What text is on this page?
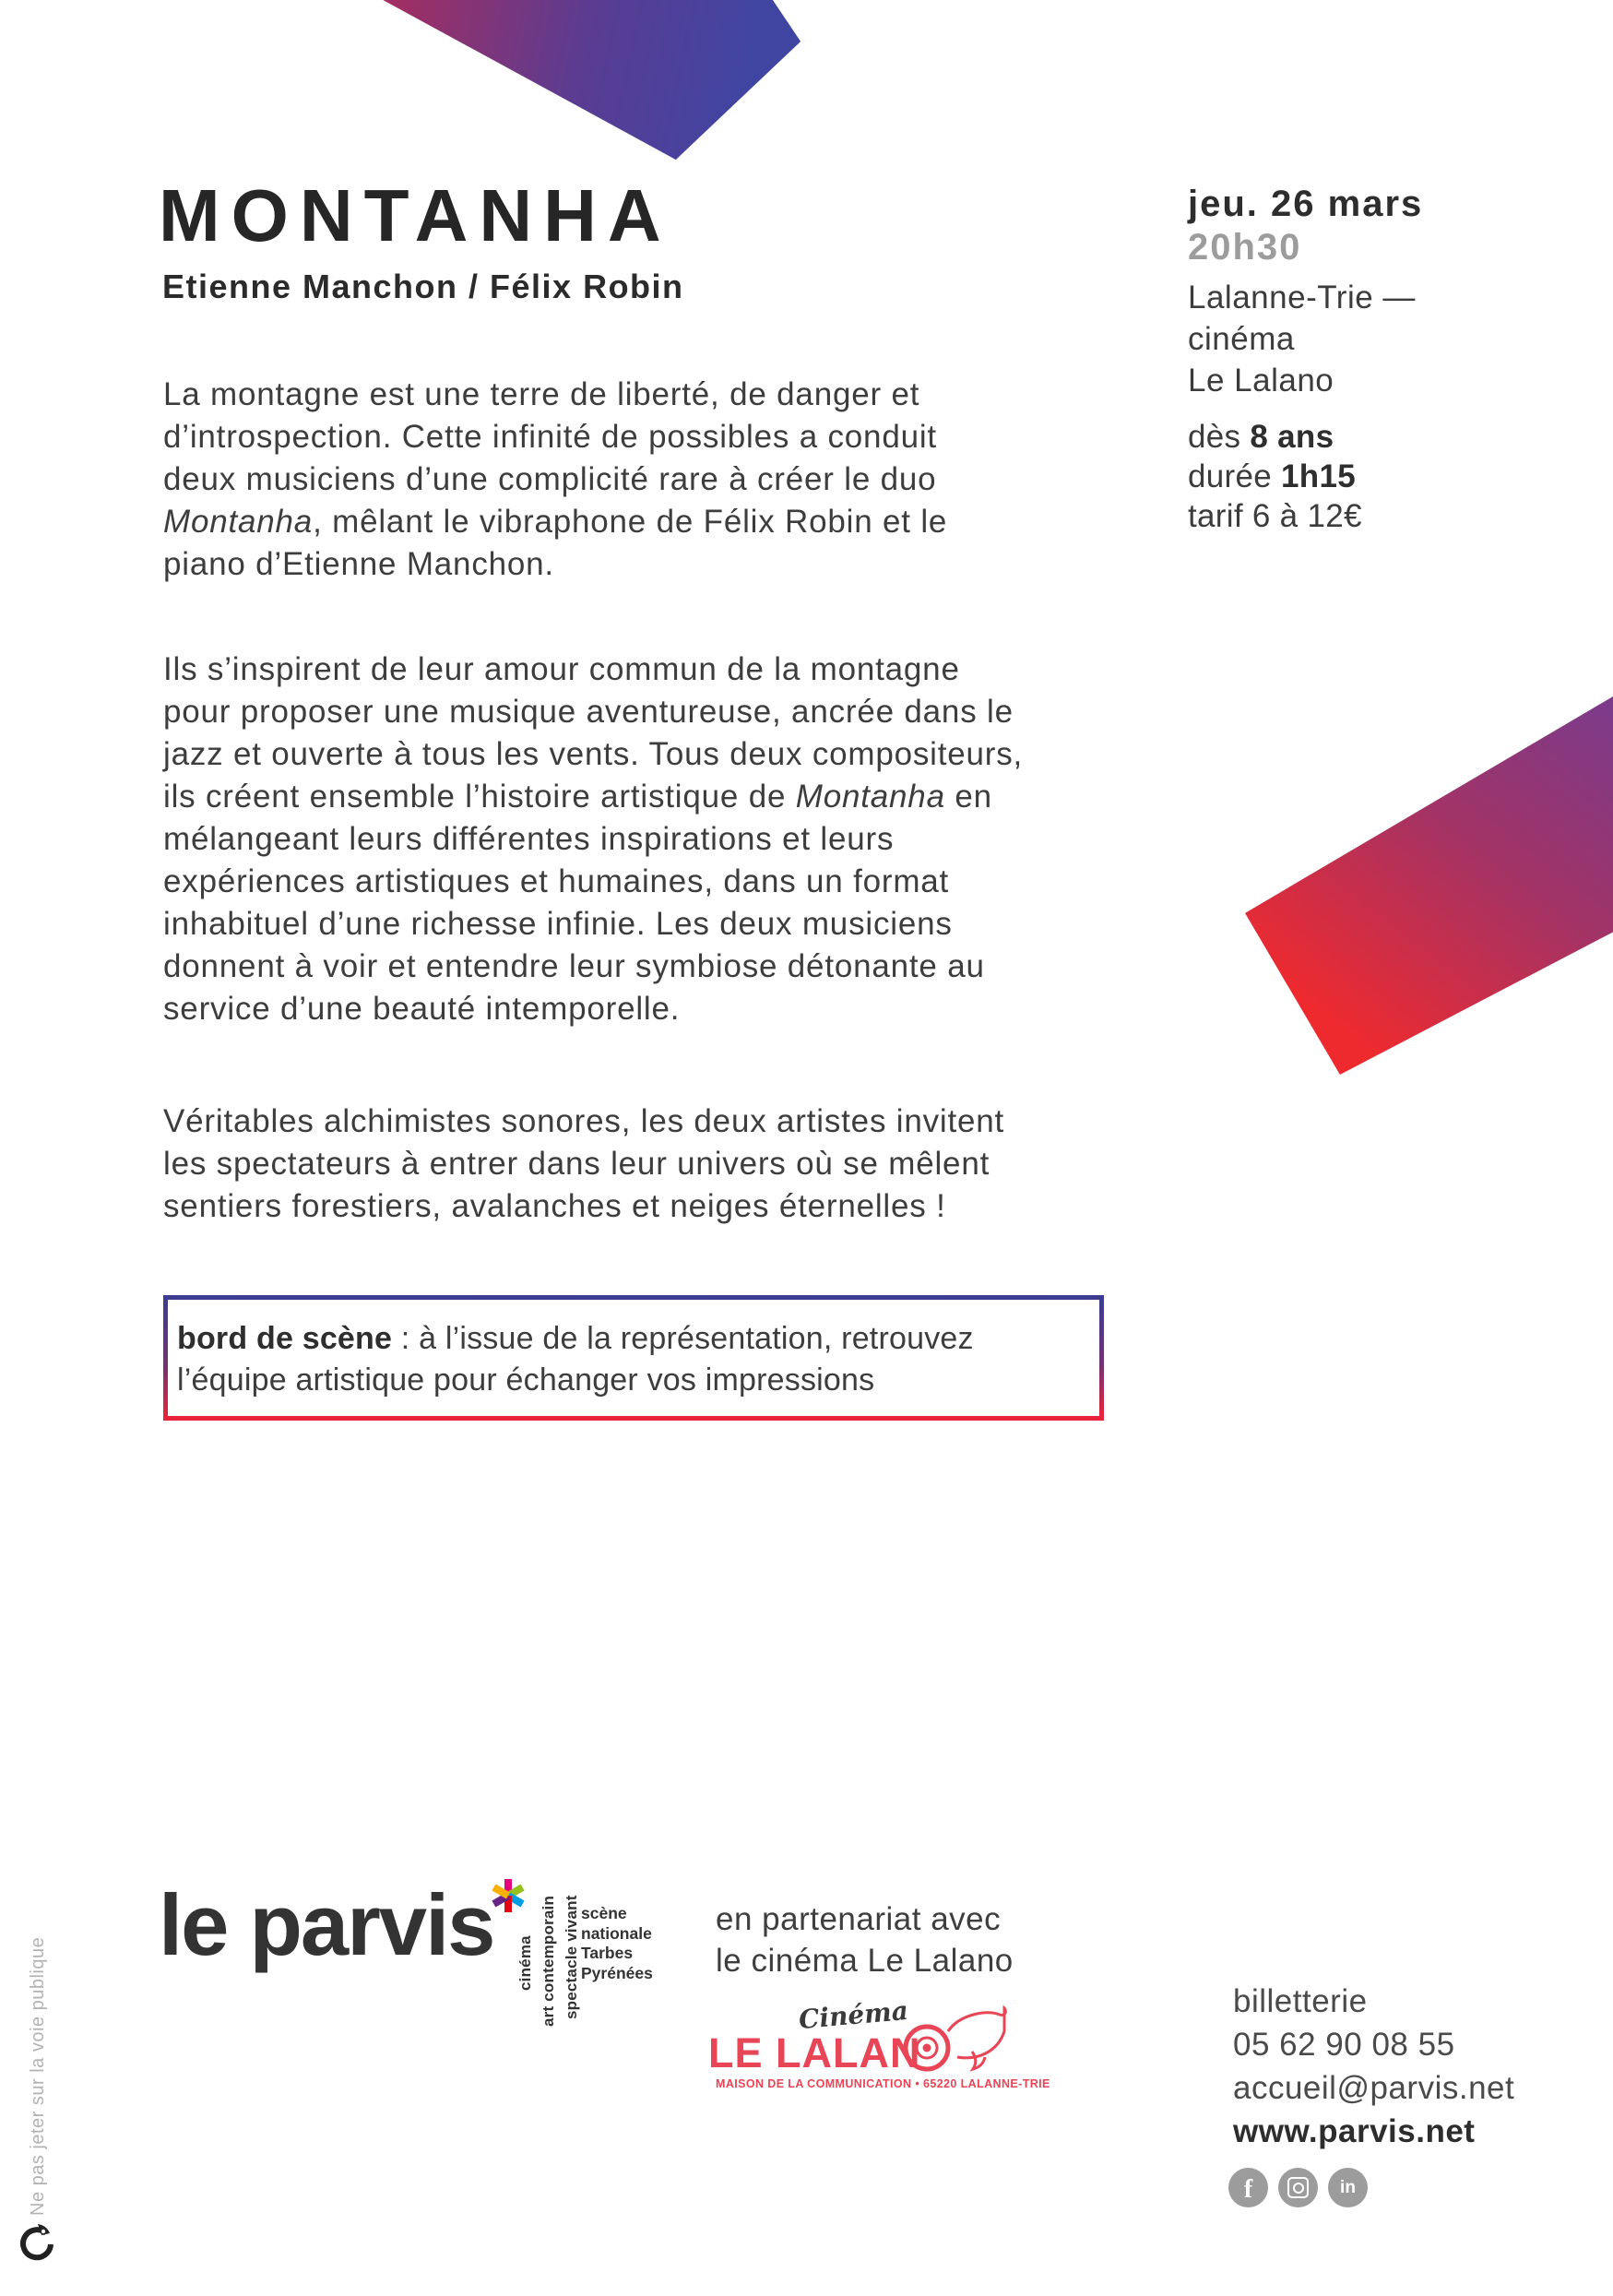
MONTANHA
Etienne Manchon / Félix Robin
jeu. 26 mars
20h30
Lalanne-Trie —
cinéma
Le Lalano
dès 8 ans
durée 1h15
tarif 6 à 12€

La montagne est une terre de liberté, de danger et
d’introspection. Cette infinité de possibles a conduit
deux musiciens d’une complicité rare à créer le duo
Montanha, mêlant le vibraphone de Félix Robin et le
piano d’Etienne Manchon.

Ils s’inspirent de leur amour commun de la montagne
pour proposer une musique aventureuse, ancrée dans le
jazz et ouverte à tous les vents. Tous deux compositeurs,
ils créent ensemble l’histoire artistique de Montanha en
mélangeant leurs différentes inspirations et leurs
expériences artistiques et humaines, dans un format
inhabituel d’une richesse infinie. Les deux musiciens
donnent à voir et entendre leur symbiose détonante au
service d’une beauté intemporelle.

Véritables alchimistes sonores, les deux artistes invitent
les spectateurs à entrer dans leur univers où se mêlent
sentiers forestiers, avalanches et neiges éternelles !

bord de scène : à l’issue de la représentation, retrouvez
l’équipe artistique pour échanger vos impressions
le parvis cinéma art contemporain spectacle vivant scène
nationale
Tarbes
Pyrénées
en partenariat avec
le cinéma Le Lalano
Cinéma
LE LALAN
MAISON DE LA COMMUNICATION • 65220 LALANNE-TRIE
billetterie
05 62 90 08 55
accueil@parvis.net
www.parvis.net
f	in
Ne pas jeter sur la voie publique
